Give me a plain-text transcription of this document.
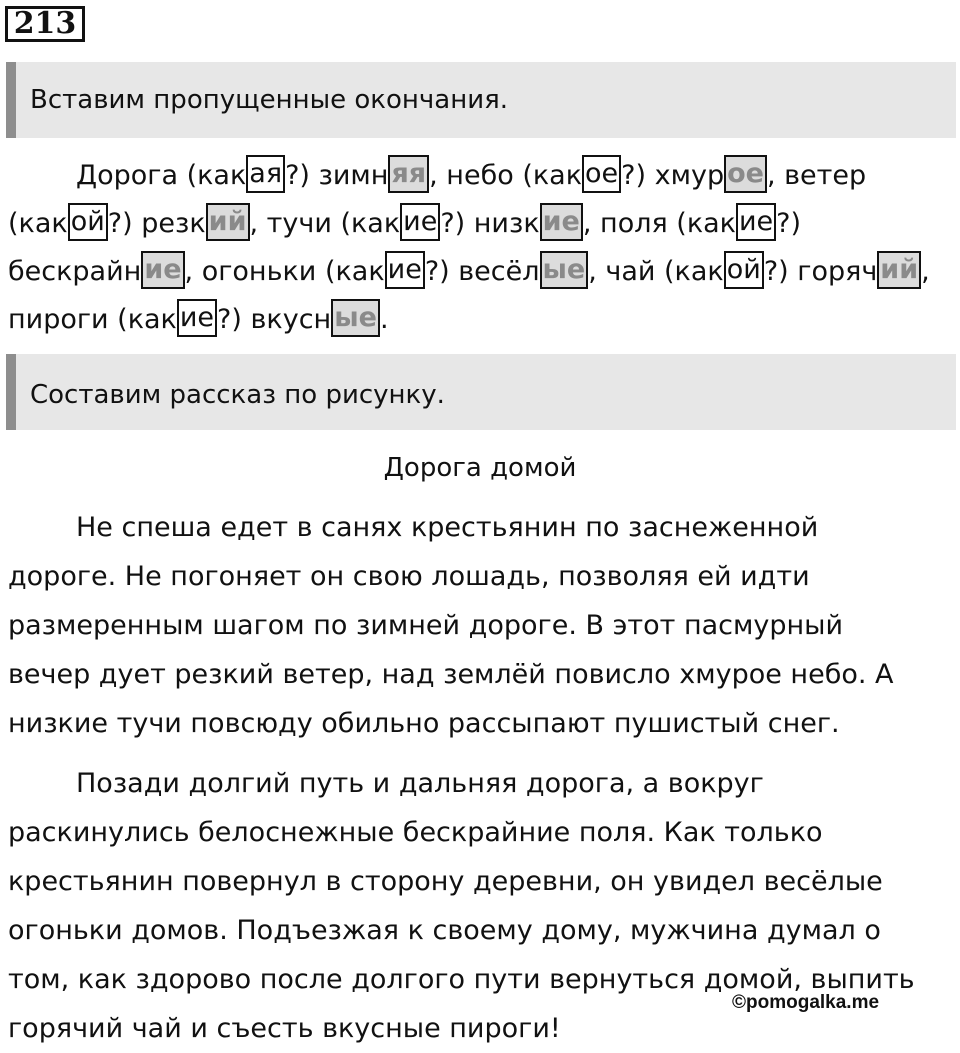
213
Вставим пропущенные окончания.
Дорога (как ая ?) зимн яя , небо (как ое ?) хмур ое , ветер
(как ой ?) резк ий , тучи (как ие ?) низк ие , поля (как ие ?)
бескрайн ие , огоньки (как ие ?) весёл ые , чай (как ой ?) горяч ий ,
пироги (как ие ?) вкусн ые .
Составим рассказ по рисунку.
Дорога домой
Не спеша едет в санях крестьянин по заснеженной
дороге. Не погоняет он свою лошадь, позволяя ей идти
размеренным шагом по зимней дороге. В этот пасмурный
вечер дует резкий ветер, над землёй повисло хмурое небо. А
низкие тучи повсюду обильно рассыпают пушистый снег.
Позади долгий путь и дальняя дорога, а вокруг
раскинулись белоснежные бескрайние поля. Как только
крестьянин повернул в сторону деревни, он увидел весёлые
огоньки домов. Подъезжая к своему дому, мужчина думал о
том, как здорово после долгого пути вернуться домой, выпить
горячий чай и съесть вкусные пироги!
©pomogalka.me
